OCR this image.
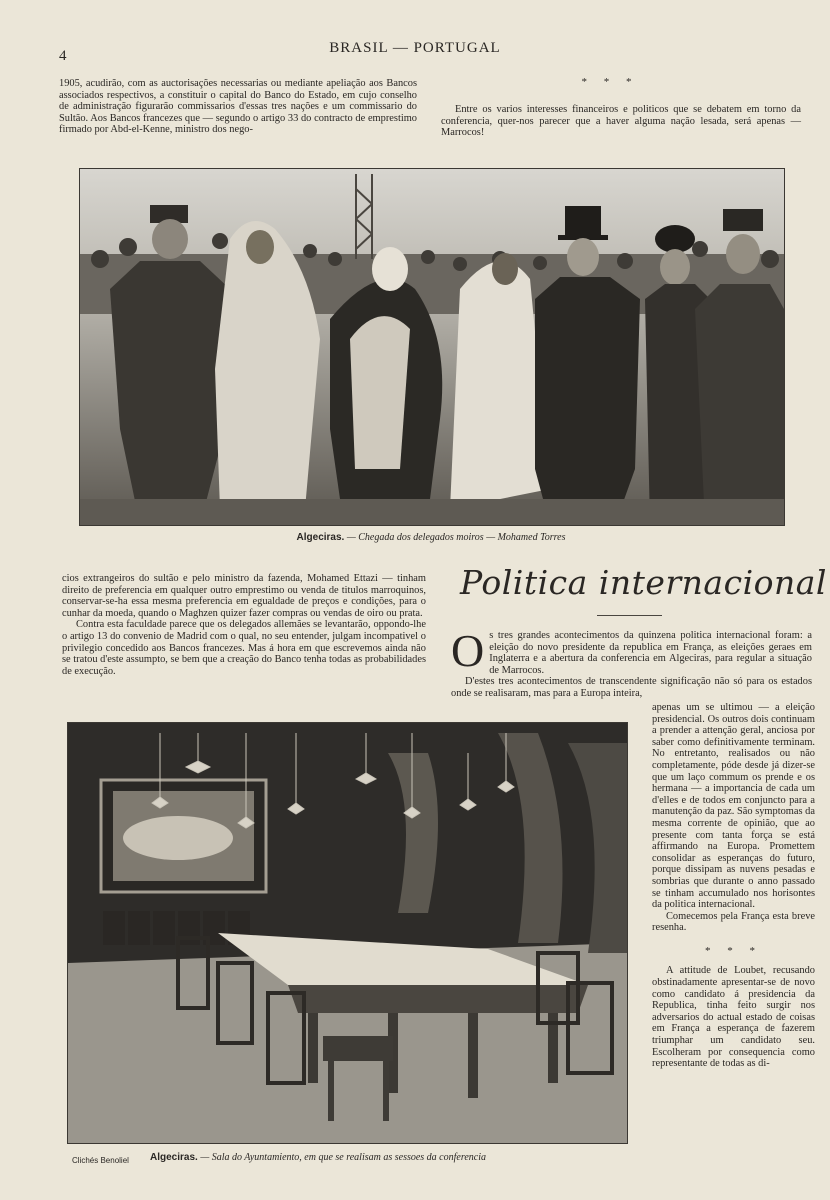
4	BRASIL — PORTUGAL

1905, acudirão, com as auctorisações necessarias ou mediante apeliação aos Bancos associados respectivos, a constituir o capital do Banco do Estado, em cujo conselho de administração figurarão commissarios d'essas tres nações e um commissario do Sultão. Aos Bancos francezes que — segundo o artigo 33 do contracto de emprestimo firmado por Abd-el-Kenne, ministro dos nego-

* * *

Entre os varios interesses financeiros e politicos que se debatem em torno da conferencia, quer-nos parecer que a haver alguma nação lesada, será apenas — Marrocos!

Algeciras. — Chegada dos delegados moiros — Mohamed Torres

cios extrangeiros do sultão e pelo ministro da fazenda, Mohamed Ettazi — tinham direito de preferencia em qualquer outro emprestimo ou venda de titulos marroquinos, conservar-se-ha essa mesma preferencia em egualdade de preços e condições, para o cunhar da moeda, quando o Maghzen quizer fazer compras ou vendas de oiro ou prata.

Contra esta faculdade parece que os delegados allemães se levantarão, oppondo-lhe o artigo 13 do convenio de Madrid com o qual, no seu entender, julgam incompativel o privilegio concedido aos Bancos francezes. Mas á hora em que escrevemos ainda não se tratou d'este assumpto, se bem que a creação do Banco tenha todas as probabilidades de execução.

Politica internacional
O s tres grandes acontecimentos da quinzena politica internacional foram: a eleição do novo presidente da republica em França, as eleições geraes em Inglaterra e a abertura da conferencia em Algeciras, para regular a situação de Marrocos.

D'estes tres acontecimentos de transcendente significação não só para os estados onde se realisaram, mas para a Europa inteira,

apenas um se ultimou — a eleição presidencial. Os outros dois continuam a prender a attenção geral, anciosa por saber como definitivamente terminam. No entretanto, realisados ou não completamente, póde desde já dizer-se que um laço commum os prende e os hermana — a importancia de cada um d'elles e de todos em conjuncto para a manutenção da paz. São symptomas da mesma corrente de opinião, que ao presente com tanta força se está affirmando na Europa. Promettem consolidar as esperanças do futuro, porque dissipam as nuvens pesadas e sombrias que durante o anno passado se tinham accumulado nos horisontes da politica internacional.

Comecemos pela França esta breve resenha.

* * *

A attitude de Loubet, recusando obstinadamente apresentar-se de novo como candidato á presidencia da Republica, tinha feito surgir nos adversarios do actual estado de coisas em França a esperança de fazerem triumphar um candidato seu. Escolheram por consequencia como representante de todas as di-

Clichés Benoliel Algeciras. — Sala do Ayuntamiento, em que se realisam as sessoes da conferencia
